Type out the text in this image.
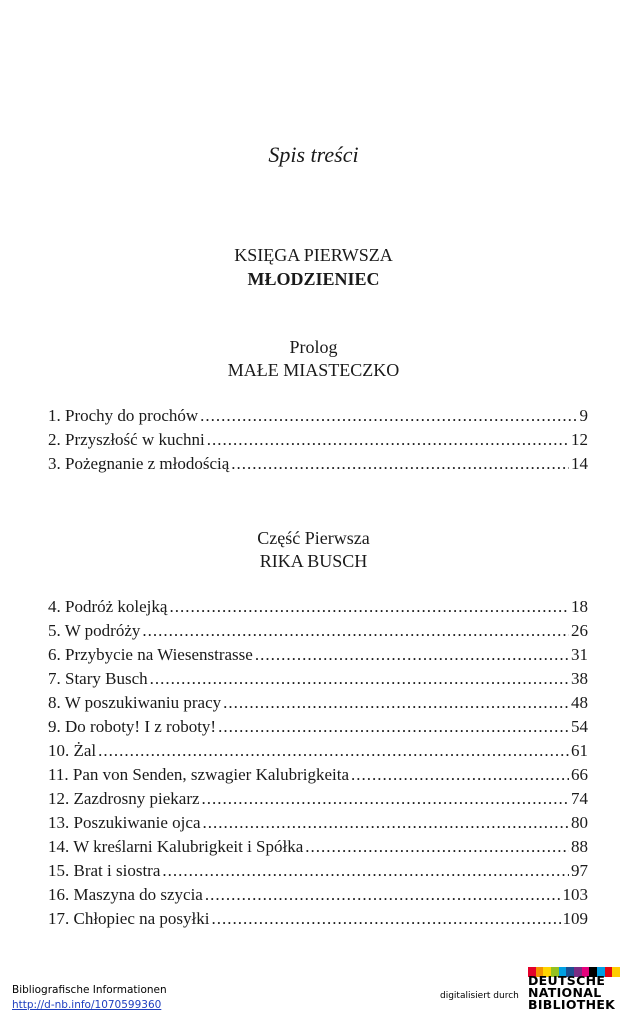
Spis treści
KSIĘGA PIERWSZA
MŁODZIENIEC
Prolog
MAŁE MIASTECZKO
1. Prochy do prochów .....	9
2. Przyszłość w kuchni .....	12
3. Pożegnanie z młodością .....	14
Część Pierwsza
RIKA BUSCH
4. Podróż kolejką .....	18
5. W podróży .....	26
6. Przybycie na Wiesenstrasse .....	31
7. Stary Busch .....	38
8. W poszukiwaniu pracy .....	48
9. Do roboty! I z roboty! .....	54
10. Żal .....	61
11. Pan von Senden, szwagier Kalubrigkeita .....	66
12. Zazdrosny piekarz .....	74
13. Poszukiwanie ojca .....	80
14. W kreślarni Kalubrigkeit i Spółka .....	88
15. Brat i siostra .....	97
16. Maszyna do szycia .....	103
17. Chłopiec na posyłki .....	109
Bibliografische Informationen
http://d-nb.info/1070599360
digitalisiert durch
DEUTSCHE
NATIONAL
BIBLIOTHEK
